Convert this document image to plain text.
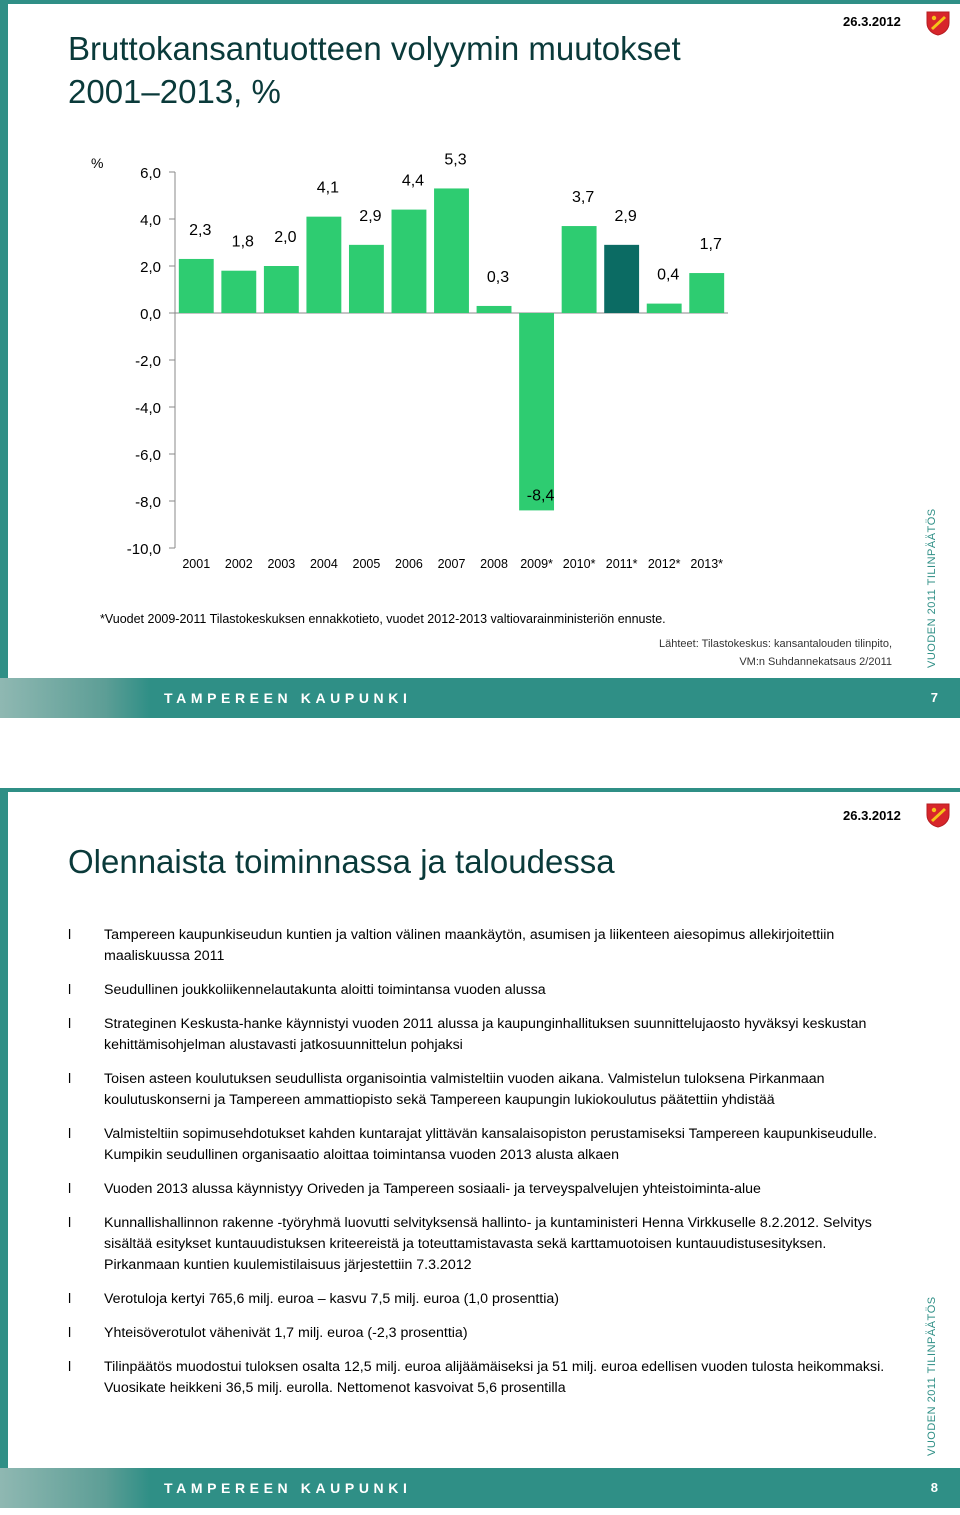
26.3.2012
Bruttokansantuotteen volyymin muutokset
2001–2013, %
%
6,0
4,0
2,0
0,0
-2,0
-4,0
-6,0
-8,0
-10,0
2,3
2001
1,8
2002
2,0
2003
4,1
2004
2,9
2005
4,4
2006
5,3
2007
0,3
2008
-8,4
2009*
3,7
2010*
2,9
2011*
0,4
2012*
1,7
2013*
*Vuodet 2009-2011 Tilastokeskuksen ennakkotieto, vuodet 2012-2013 valtiovarainministeriön ennuste.
Lähteet: Tilastokeskus: kansantalouden tilinpito,
VM:n Suhdannekatsaus 2/2011	VUODEN 2011 TILINPÄÄTÖS
TAMPEREEN KAUPUNKI	7
26.3.2012
Olennaista toiminnassa ja taloudessa
l Tampereen kaupunkiseudun kuntien ja valtion välinen maankäytön, asumisen ja liikenteen aiesopimus allekirjoitettiin maaliskuussa 2011
l Seudullinen joukkoliikennelautakunta aloitti toimintansa vuoden alussa
l Strateginen Keskusta-hanke käynnistyi vuoden 2011 alussa ja kaupunginhallituksen suunnittelujaosto hyväksyi keskustan kehittämisohjelman alustavasti jatkosuunnittelun pohjaksi
l Toisen asteen koulutuksen seudullista organisointia valmisteltiin vuoden aikana. Valmistelun tuloksena Pirkanmaan koulutuskonserni ja Tampereen ammattiopisto sekä Tampereen kaupungin lukiokoulutus päätettiin yhdistää
l Valmisteltiin sopimusehdotukset kahden kuntarajat ylittävän kansalaisopiston perustamiseksi Tampereen kaupunkiseudulle. Kumpikin seudullinen organisaatio aloittaa toimintansa vuoden 2013 alusta alkaen
l Vuoden 2013 alussa käynnistyy Oriveden ja Tampereen sosiaali- ja terveyspalvelujen yhteistoiminta-alue
l Kunnallishallinnon rakenne -työryhmä luovutti selvityksensä hallinto- ja kuntaministeri Henna Virkkuselle 8.2.2012. Selvitys sisältää esitykset kuntauudistuksen kriteereistä ja toteuttamistavasta sekä karttamuotoisen kuntauudistusesityksen. Pirkanmaan kuntien kuulemistilaisuus järjestettiin 7.3.2012
l Verotuloja kertyi 765,6 milj. euroa – kasvu 7,5 milj. euroa (1,0 prosenttia)
l Yhteisöverotulot vähenivät 1,7 milj. euroa (-2,3 prosenttia)
l Tilinpäätös muodostui tuloksen osalta 12,5 milj. euroa alijäämäiseksi ja 51 milj. euroa edellisen vuoden tulosta heikommaksi. Vuosikate heikkeni 36,5 milj. eurolla. Nettomenot kasvoivat 5,6 prosentilla	VUODEN 2011 TILINPÄÄTÖS
TAMPEREEN KAUPUNKI	8
